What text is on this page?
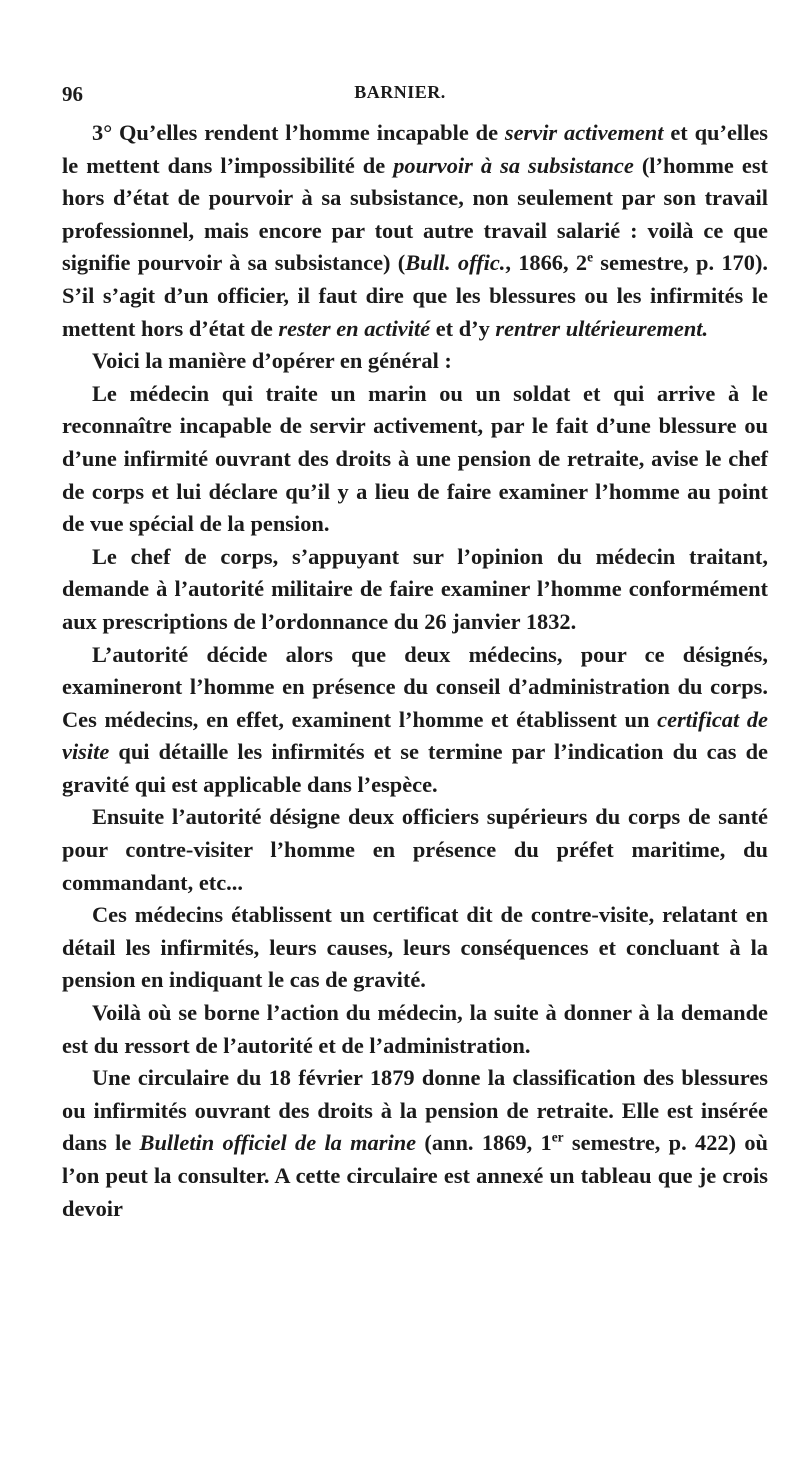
96	BARNIER.

3° Qu’elles rendent l’homme incapable de servir activement et qu’elles le mettent dans l’impossibilité de pourvoir à sa subsistance (l’homme est hors d’état de pourvoir à sa subsistance, non seulement par son travail professionnel, mais encore par tout autre travail salarié : voilà ce que signifie pourvoir à sa subsistance) (Bull. offic., 1866, 2e semestre, p. 170). S’il s’agit d’un officier, il faut dire que les blessures ou les infirmités le mettent hors d’état de rester en activité et d’y rentrer ultérieurement.

Voici la manière d’opérer en général :

Le médecin qui traite un marin ou un soldat et qui arrive à le reconnaître incapable de servir activement, par le fait d’une blessure ou d’une infirmité ouvrant des droits à une pension de retraite, avise le chef de corps et lui déclare qu’il y a lieu de faire examiner l’homme au point de vue spécial de la pension.

Le chef de corps, s’appuyant sur l’opinion du médecin traitant, demande à l’autorité militaire de faire examiner l’homme conformément aux prescriptions de l’ordonnance du 26 janvier 1832.

L’autorité décide alors que deux médecins, pour ce désignés, examineront l’homme en présence du conseil d’administration du corps. Ces médecins, en effet, examinent l’homme et établissent un certificat de visite qui détaille les infirmités et se termine par l’indication du cas de gravité qui est applicable dans l’espèce.

Ensuite l’autorité désigne deux officiers supérieurs du corps de santé pour contre-visiter l’homme en présence du préfet maritime, du commandant, etc...

Ces médecins établissent un certificat dit de contre-visite, relatant en détail les infirmités, leurs causes, leurs conséquences et concluant à la pension en indiquant le cas de gravité.

Voilà où se borne l’action du médecin, la suite à donner à la demande est du ressort de l’autorité et de l’administration.

Une circulaire du 18 février 1879 donne la classification des blessures ou infirmités ouvrant des droits à la pension de retraite. Elle est insérée dans le Bulletin officiel de la marine (ann. 1869, 1er semestre, p. 422) où l’on peut la consulter. A cette circulaire est annexé un tableau que je crois devoir
